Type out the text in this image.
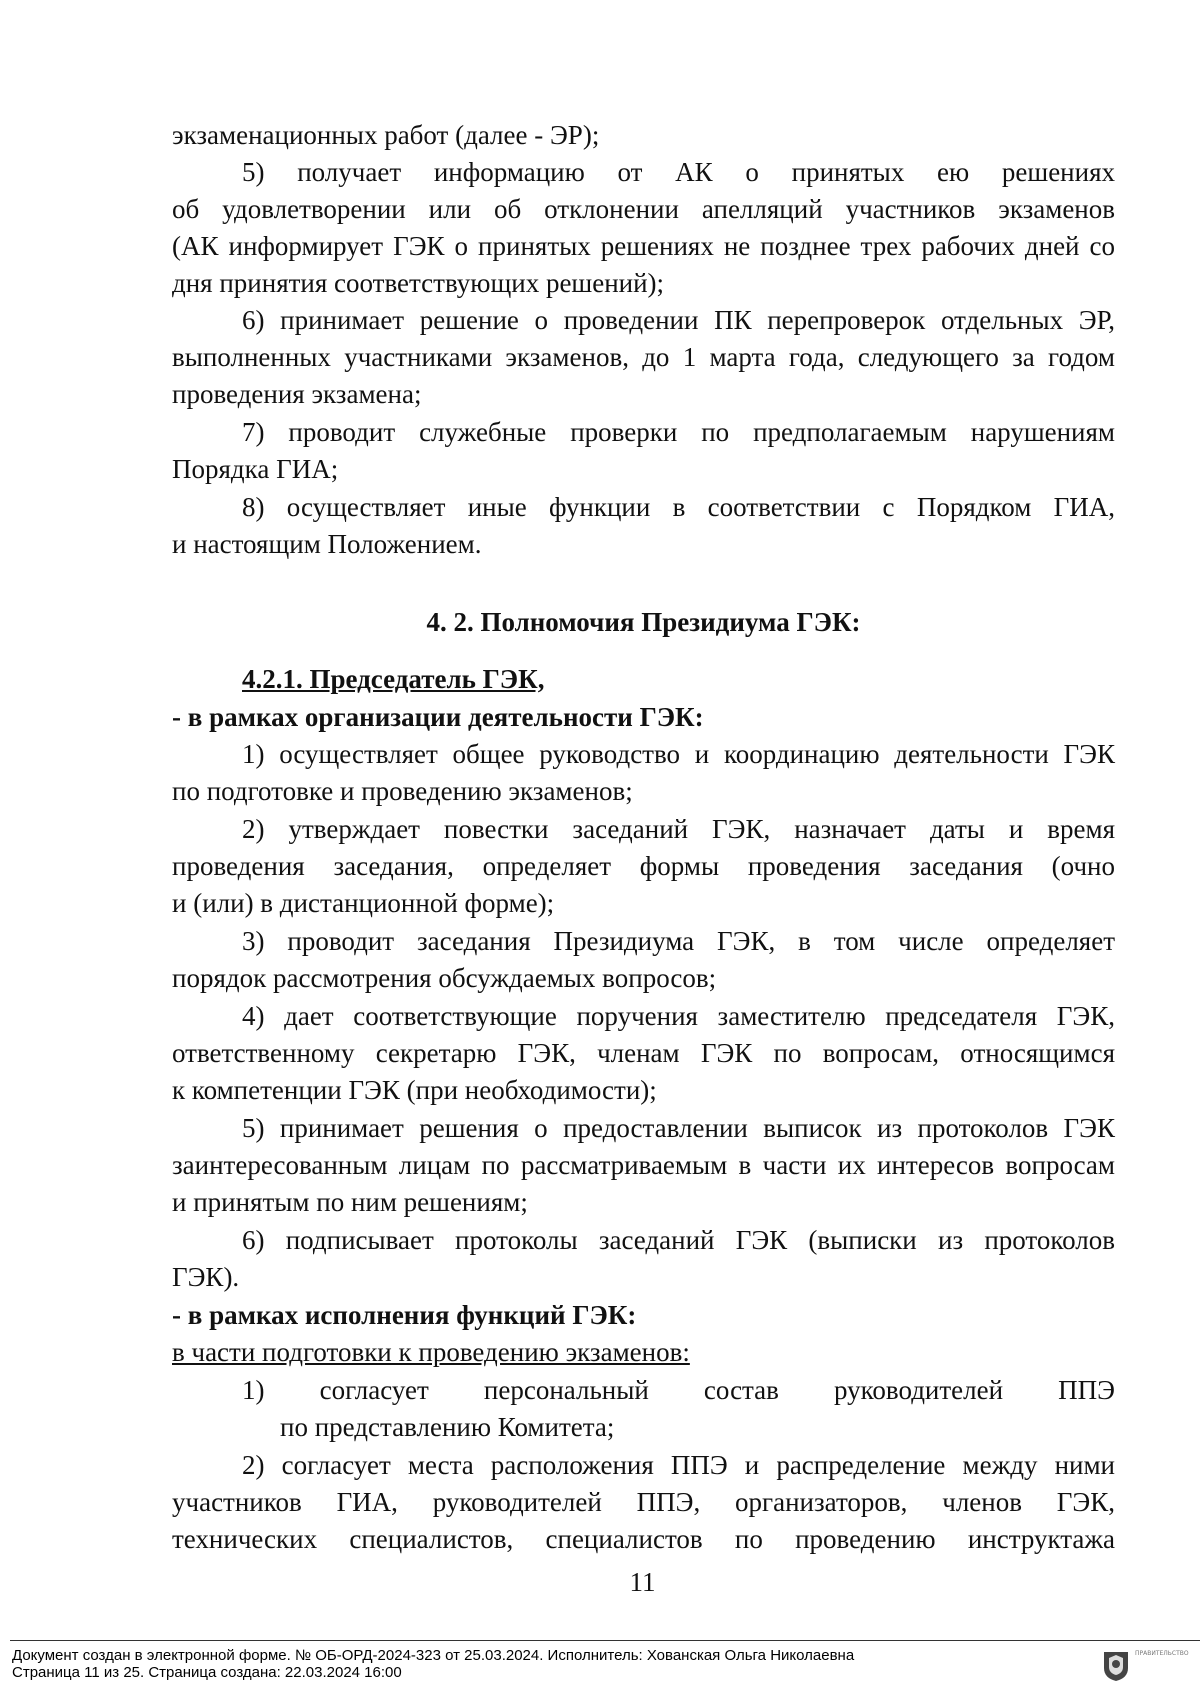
экзаменационных работ (далее - ЭР);
5) получает информацию от АК о принятых ею решениях
об удовлетворении или об отклонении апелляций участников экзаменов
(АК информирует ГЭК о принятых решениях не позднее трех рабочих дней со
дня принятия соответствующих решений);
6) принимает решение о проведении ПК перепроверок отдельных ЭР,
выполненных участниками экзаменов, до 1 марта года, следующего за годом
проведения экзамена;
7) проводит служебные проверки по предполагаемым нарушениям
Порядка ГИА;
8) осуществляет иные функции в соответствии с Порядком ГИА,
и настоящим Положением.
4. 2. Полномочия Президиума ГЭК:
4.2.1. Председатель ГЭК,
- в рамках организации деятельности ГЭК:
1) осуществляет общее руководство и координацию деятельности ГЭК
по подготовке и проведению экзаменов;
2) утверждает повестки заседаний ГЭК, назначает даты и время
проведения заседания, определяет формы проведения заседания (очно
и (или) в дистанционной форме);
3) проводит заседания Президиума ГЭК, в том числе определяет
порядок рассмотрения обсуждаемых вопросов;
4) дает соответствующие поручения заместителю председателя ГЭК,
ответственному секретарю ГЭК, членам ГЭК по вопросам, относящимся
к компетенции ГЭК (при необходимости);
5) принимает решения о предоставлении выписок из протоколов ГЭК
заинтересованным лицам по рассматриваемым в части их интересов вопросам
и принятым по ним решениям;
6) подписывает протоколы заседаний ГЭК (выписки из протоколов
ГЭК).
- в рамках исполнения функций ГЭК:
в части подготовки к проведению экзаменов:
1) согласует персональный состав руководителей ППЭ
по представлению Комитета;
2) согласует места расположения ППЭ и распределение между ними
участников ГИА, руководителей ППЭ, организаторов, членов ГЭК,
технических специалистов, специалистов по проведению инструктажа
11
Документ создан в электронной форме. № ОБ-ОРД-2024-323 от 25.03.2024. Исполнитель: Хованская Ольга Николаевна
Страница 11 из 25. Страница создана: 22.03.2024 16:00
ПРАВИТЕЛЬСТВО
